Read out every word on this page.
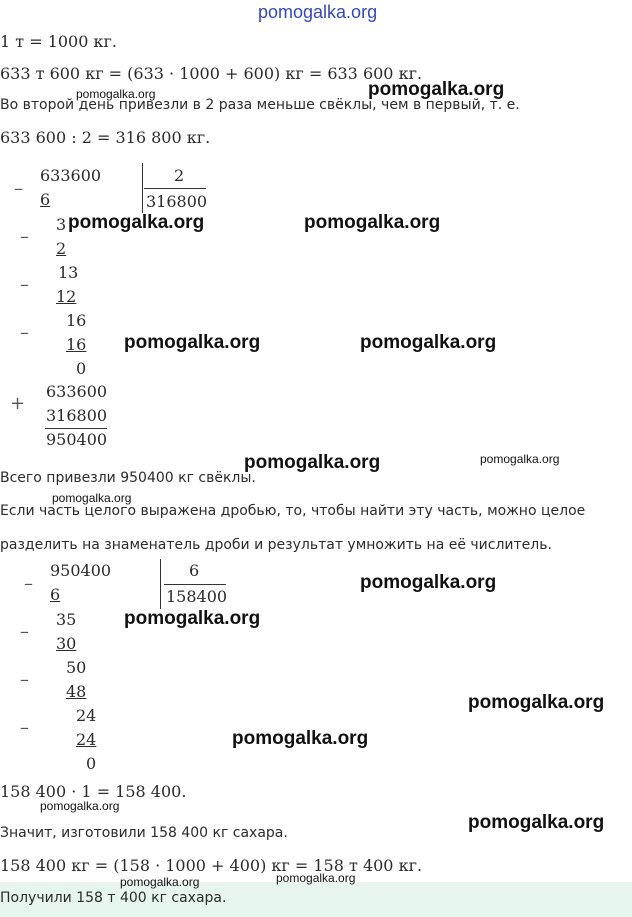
pomogalka.org
1 т = 1000 кг.
633 т 600 кг = (633 · 1000 + 600) кг = 633 600 кг.
Во второй день привезли в 2 раза меньше свёклы, чем в первый, т. е.
633 600 : 2 = 316 800 кг.
–
633600
6
2
316800
–
3
2
–
13
12
–
16
16
0
+
633600
316800
950400
Всего привезли 950400 кг свёклы.
Если часть целого выражена дробью, то, чтобы найти эту часть, можно целое
разделить на знаменатель дроби и результат умножить на её числитель.
–
950400
6
6
158400
–
35
30
–
50
48
–
24
24
0
158 400 · 1 = 158 400.
Значит, изготовили 158 400 кг сахара.
158 400 кг = (158 · 1000 + 400) кг = 158 т 400 кг.
Получили 158 т 400 кг сахара.
pomogalka.org	pomogalka.org
pomogalka.org	pomogalka.org
pomogalka.org	pomogalka.org
pomogalka.org	pomogalka.org
pomogalka.org
pomogalka.org
pomogalka.org
pomogalka.org
pomogalka.org
pomogalka.org
pomogalka.org
pomogalka.org	pomogalka.org
